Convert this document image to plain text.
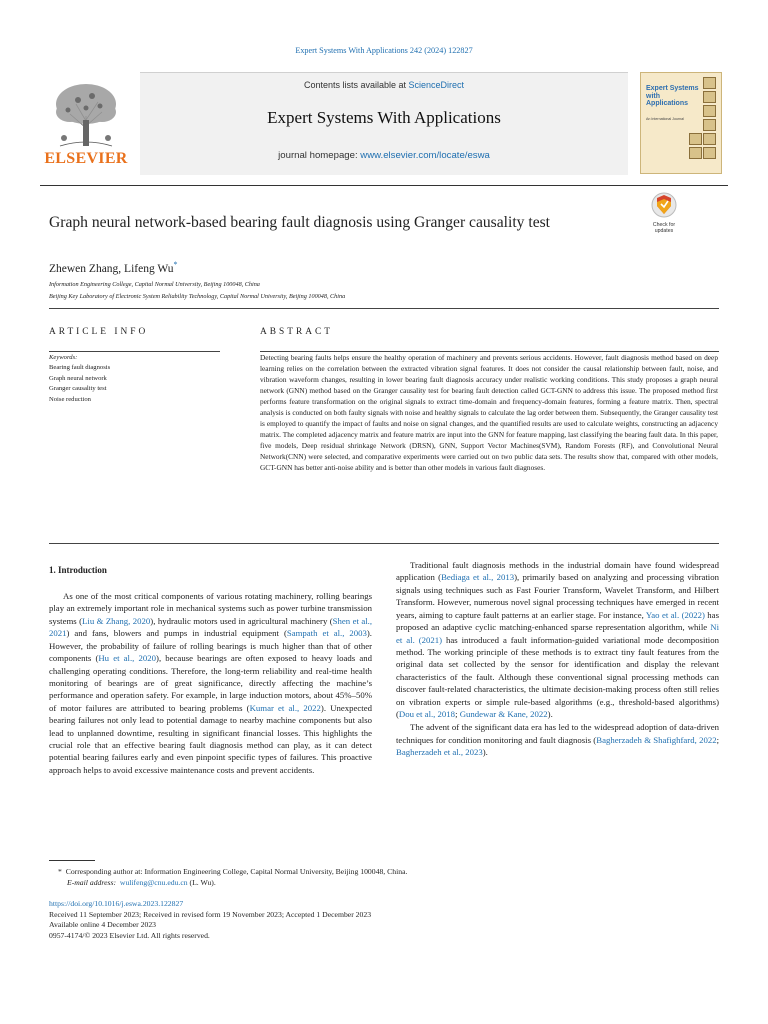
Expert Systems With Applications 242 (2024) 122827
ELSEVIER
Contents lists available at ScienceDirect
Expert Systems With Applications
journal homepage: www.elsevier.com/locate/eswa
Expert Systems with Applications
An International Journal
Graph neural network-based bearing fault diagnosis using Granger causality test	Check for updates
Zhewen Zhang, Lifeng Wu*
Information Engineering College, Capital Normal University, Beijing 100048, China
Beijing Key Laboratory of Electronic System Reliability Technology, Capital Normal University, Beijing 100048, China
ARTICLE INFO	ABSTRACT
Keywords:
Bearing fault diagnosis
Graph neural network
Granger causality test
Noise reduction
Detecting bearing faults helps ensure the healthy operation of machinery and prevents serious accidents. However, fault diagnosis method based on deep learning relies on the correlation between the extracted vibration signal features. It does not consider the causal relationship between fault, noise, and vibration waveform changes, resulting in lower bearing fault diagnosis accuracy under realistic working conditions. This study proposes a graph neural network (GNN) method based on the Granger causality test for bearing fault detection called GCT-GNN to address this issue. The proposed method first performs feature transformation on the original signals to extract time-domain and frequency-domain features, forming a feature matrix. Then, spectral analysis is conducted on both faulty signals with noise and healthy signals to calculate the lag order between them. Subsequently, the Granger causality test is employed to quantify the impact of faults and noise on signal changes, and the quantified results are used to calculate weights, constructing an adjacency matrix. The completed adjacency matrix and feature matrix are input into the GNN for feature mapping, last classifying the bearing fault data. In this paper, five models, Deep residual shrinkage Network (DRSN), GNN, Support Vector Machines(SVM), Random Forests (RF), and Convolutional Neural Network(CNN) were selected, and comparative experiments were carried out on two public data sets. The results show that, compared with other models, GCT-GNN has better anti-noise ability and is better than other models in various fault diagnoses.
1. Introduction

As one of the most critical components of various rotating machinery, rolling bearings play an extremely important role in mechanical systems such as power turbine transmission systems (Liu & Zhang, 2020), hydraulic motors used in agricultural machinery (Shen et al., 2021) and fans, blowers and pumps in industrial equipment (Sampath et al., 2003). However, the probability of failure of rolling bearings is much higher than that of other components (Hu et al., 2020), because bearings are often exposed to heavy loads and challenging operating conditions. Therefore, the long-term reliability and real-time health monitoring of bearings are of great significance, directly affecting the machine’s performance and operation safety. For example, in large induction motors, about 45%–50% of motor failures are attributed to bearing problems (Kumar et al., 2022). Unexpected bearing failures not only lead to potential damage to nearby machine components but also lead to unplanned downtime, resulting in significant financial losses. This highlights the crucial role that an effective bearing fault diagnosis method can play, as it can detect potential bearing failures early and even pinpoint specific types of failures. This proactive approach helps to avoid excessive maintenance costs and prevent accidents.

Traditional fault diagnosis methods in the industrial domain have found widespread application (Bediaga et al., 2013), primarily based on analyzing and processing vibration signals using techniques such as Fast Fourier Transform, Wavelet Transform, and Hilbert Transform. However, numerous novel signal processing techniques have emerged in recent years, aiming to capture fault patterns at an earlier stage. For instance, Yao et al. (2022) has proposed an adaptive cyclic matching-enhanced sparse representation algorithm, while Ni et al. (2021) has introduced a fault information-guided variational mode decomposition method. The working principle of these methods is to extract tiny fault features from the original data set collected by the sensor for identification and display the relevant characteristics of the fault. Although these conventional signal processing methods can discover fault-related characteristics, the ultimate decision-making process often still relies on vibration experts or simple rule-based algorithms (e.g., threshold-based algorithms) (Dou et al., 2018; Gundewar & Kane, 2022).

The advent of the significant data era has led to the widespread adoption of data-driven techniques for condition monitoring and fault diagnosis (Bagherzadeh & Shafighfard, 2022; Bagherzadeh et al., 2023).

* Corresponding author at: Information Engineering College, Capital Normal University, Beijing 100048, China.
E-mail address: wulifeng@cnu.edu.cn (L. Wu).
https://doi.org/10.1016/j.eswa.2023.122827
Received 11 September 2023; Received in revised form 19 November 2023; Accepted 1 December 2023
Available online 4 December 2023
0957-4174/© 2023 Elsevier Ltd. All rights reserved.
